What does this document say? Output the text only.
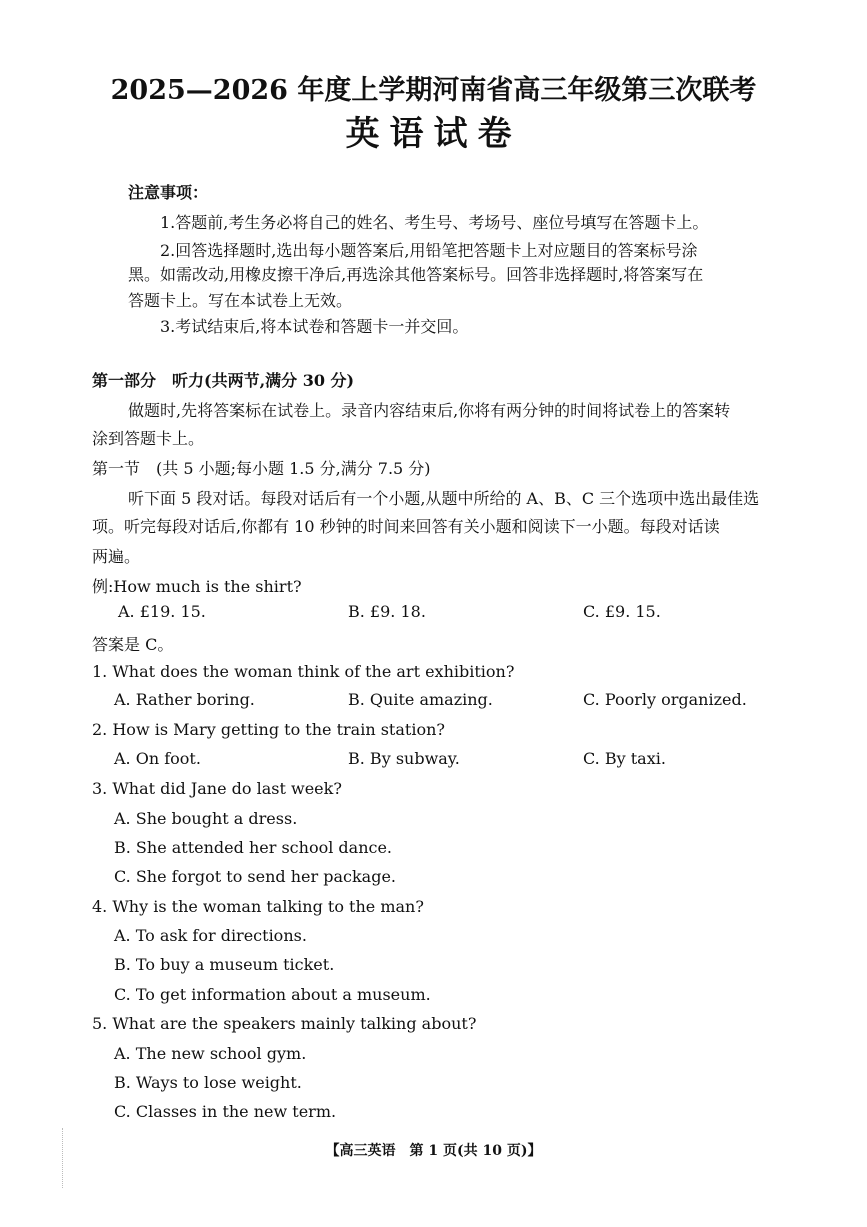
2025—2026 年度上学期河南省高三年级第三次联考
英语试卷
注意事项：
1.答题前,考生务必将自己的姓名、考生号、考场号、座位号填写在答题卡上。
2.回答选择题时,选出每小题答案后,用铅笔把答题卡上对应题目的答案标号涂
黑。如需改动,用橡皮擦干净后,再选涂其他答案标号。回答非选择题时,将答案写在
答题卡上。写在本试卷上无效。
3.考试结束后,将本试卷和答题卡一并交回。
第一部分　听力(共两节,满分 30 分)
做题时,先将答案标在试卷上。录音内容结束后,你将有两分钟的时间将试卷上的答案转
涂到答题卡上。
第一节　(共 5 小题;每小题 1.5 分,满分 7.5 分)
听下面 5 段对话。每段对话后有一个小题,从题中所给的 A、B、C 三个选项中选出最佳选
项。听完每段对话后,你都有 10 秒钟的时间来回答有关小题和阅读下一小题。每段对话读
两遍。
例:How much is the shirt?
A. £19. 15.	B. £9. 18.	C. £9. 15.
答案是 C。
1. What does the woman think of the art exhibition?
A. Rather boring.	B. Quite amazing.	C. Poorly organized.
2. How is Mary getting to the train station?
A. On foot.	B. By subway.	C. By taxi.
3. What did Jane do last week?
A. She bought a dress.
B. She attended her school dance.
C. She forgot to send her package.
4. Why is the woman talking to the man?
A. To ask for directions.
B. To buy a museum ticket.
C. To get information about a museum.
5. What are the speakers mainly talking about?
A. The new school gym.
B. Ways to lose weight.
C. Classes in the new term.
【高三英语　第 1 页(共 10 页)】
